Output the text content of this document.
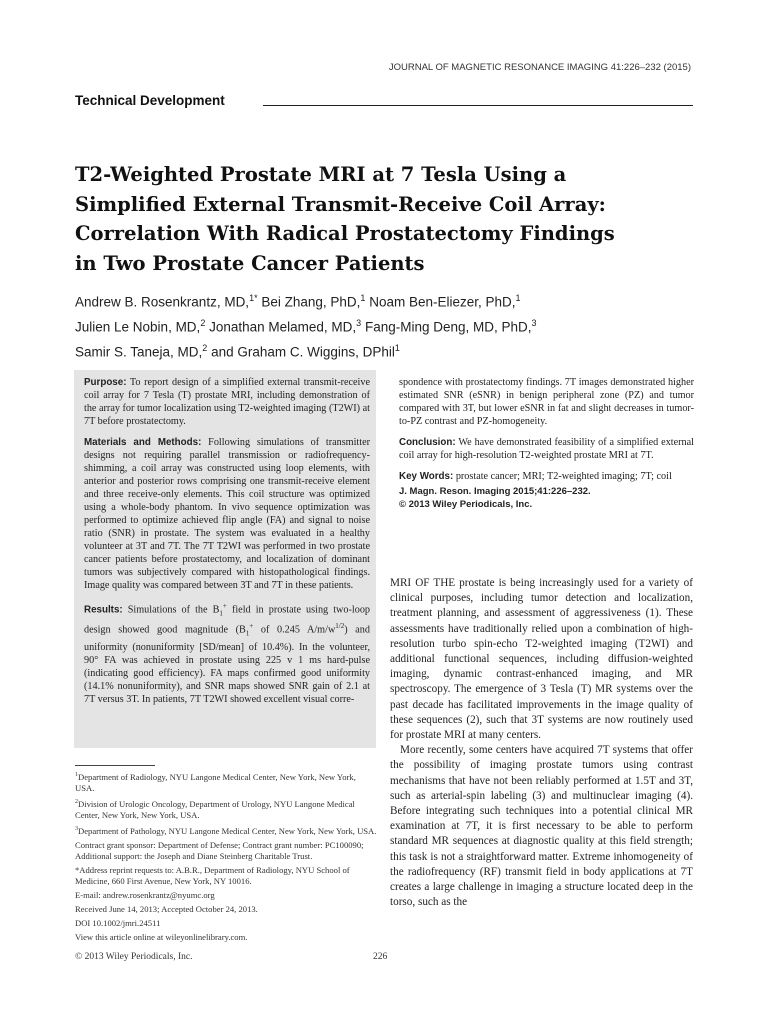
JOURNAL OF MAGNETIC RESONANCE IMAGING 41:226–232 (2015)
Technical Development
T2-Weighted Prostate MRI at 7 Tesla Using a
Simplified External Transmit-Receive Coil Array:
Correlation With Radical Prostatectomy Findings
in Two Prostate Cancer Patients
Andrew B. Rosenkrantz, MD,$^{1*}$ Bei Zhang, PhD,$^1$ Noam Ben-Eliezer, PhD,$^1$
Julien Le Nobin, MD,$^2$ Jonathan Melamed, MD,$^3$ Fang-Ming Deng, MD, PhD,$^3$
Samir S. Taneja, MD,$^2$ and Graham C. Wiggins, DPhil$^1$

Purpose: To report design of a simplified external transmit-receive coil array for 7 Tesla (T) prostate MRI, including demonstration of the array for tumor localization using T2-weighted imaging (T2WI) at 7T before prostatectomy.

Materials and Methods: Following simulations of transmitter designs not requiring parallel transmission or radiofrequency-shimming, a coil array was constructed using loop elements, with anterior and posterior rows comprising one transmit-receive element and three receive-only elements. This coil structure was optimized using a whole-body phantom. In vivo sequence optimization was performed to optimize achieved flip angle (FA) and signal to noise ratio (SNR) in prostate. The system was evaluated in a healthy volunteer at 3T and 7T. The 7T T2WI was performed in two prostate cancer patients before prostatectomy, and localization of dominant tumors was subjectively compared with histopathological findings. Image quality was compared between 3T and 7T in these patients.

Results: Simulations of the $B_1^+$ field in prostate using two-loop design showed good magnitude ($B_1^+$ of 0.245 $A/m/w^{1/2}$) and uniformity (nonuniformity [SD/mean] of 10.4%). In the volunteer, 90° FA was achieved in prostate using 225 v 1 ms hard-pulse (indicating good efficiency). FA maps confirmed good uniformity (14.1% nonuniformity), and SNR maps showed SNR gain of 2.1 at 7T versus 3T. In patients, 7T T2WI showed excellent visual corre-

spondence with prostatectomy findings. 7T images demonstrated higher estimated SNR (eSNR) in benign peripheral zone (PZ) and tumor compared with 3T, but lower eSNR in fat and slight decreases in tumor-to-PZ contrast and PZ-homogeneity.

Conclusion: We have demonstrated feasibility of a simplified external coil array for high-resolution T2-weighted prostate MRI at 7T.

Key Words: prostate cancer; MRI; T2-weighted imaging; 7T; coil

J. Magn. Reson. Imaging 2015;41:226–232.
© 2013 Wiley Periodicals, Inc.

MRI OF THE prostate is being increasingly used for a variety of clinical purposes, including tumor detection and localization, treatment planning, and assessment of aggressiveness (1). These assessments have traditionally relied upon a combination of high-resolution turbo spin-echo T2-weighted imaging (T2WI) and additional functional sequences, including diffusion-weighted imaging, dynamic contrast-enhanced imaging, and MR spectroscopy. The emergence of 3 Tesla (T) MR systems over the past decade has facilitated improvements in the image quality of these sequences (2), such that 3T systems are now routinely used for prostate MRI at many centers.

More recently, some centers have acquired 7T systems that offer the possibility of imaging prostate tumors using contrast mechanisms that have not been reliably performed at 1.5T and 3T, such as arterial-spin labeling (3) and multinuclear imaging (4). Before integrating such techniques into a potential clinical MR examination at 7T, it is first necessary to be able to perform standard MR sequences at diagnostic quality at this field strength; this task is not a straightforward matter. Extreme inhomogeneity of the radiofrequency (RF) transmit field in body applications at 7T creates a large challenge in imaging a structure located deep in the torso, such as the

$^1$Department of Radiology, NYU Langone Medical Center, New York, New York, USA.

$^2$Division of Urologic Oncology, Department of Urology, NYU Langone Medical Center, New York, New York, USA.

$^3$Department of Pathology, NYU Langone Medical Center, New York, New York, USA.

Contract grant sponsor: Department of Defense; Contract grant number: PC100090; Additional support: the Joseph and Diane Steinberg Charitable Trust.

*Address reprint requests to: A.B.R., Department of Radiology, NYU School of Medicine, 660 First Avenue, New York, NY 10016.

E-mail: andrew.rosenkrantz@nyumc.org

Received June 14, 2013; Accepted October 24, 2013.

DOI 10.1002/jmri.24511

View this article online at wileyonlinelibrary.com.

© 2013 Wiley Periodicals, Inc.	226
